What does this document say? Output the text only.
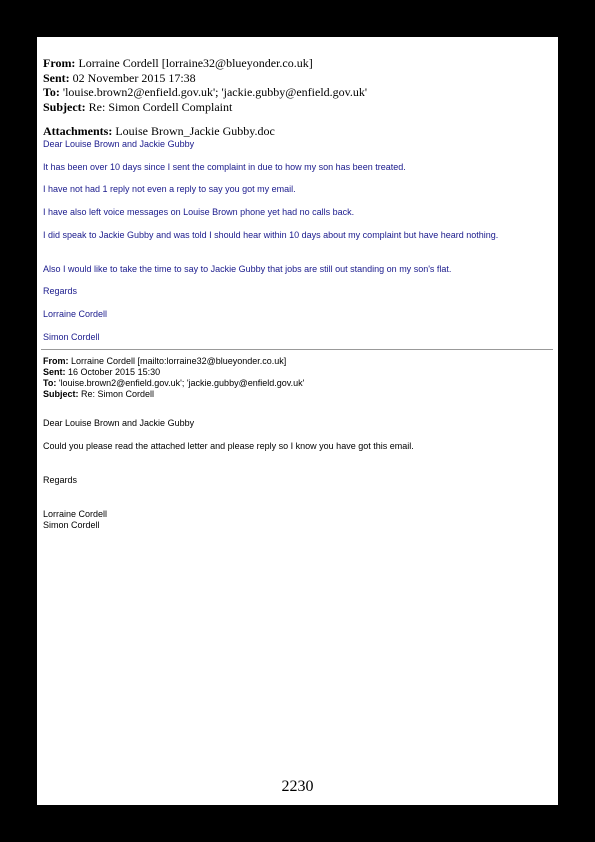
From: Lorraine Cordell [lorraine32@blueyonder.co.uk]
Sent: 02 November 2015 17:38
To: 'louise.brown2@enfield.gov.uk'; 'jackie.gubby@enfield.gov.uk'
Subject: Re: Simon Cordell Complaint
Attachments: Louise Brown_Jackie Gubby.doc
Dear Louise Brown and Jackie Gubby
It has been over 10 days since I sent the complaint in due to how my son has been treated.
I have not had 1 reply not even a reply to say you got my email.
I have also left voice messages on Louise Brown phone yet had no calls back.
I did speak to Jackie Gubby and was told I should hear within 10 days about my complaint but have heard nothing.
Also I would like to take the time to say to Jackie Gubby that jobs are still out standing on my son's flat.
Regards
Lorraine Cordell
Simon Cordell
From: Lorraine Cordell [mailto:lorraine32@blueyonder.co.uk]
Sent: 16 October 2015 15:30
To: 'louise.brown2@enfield.gov.uk'; 'jackie.gubby@enfield.gov.uk'
Subject: Re: Simon Cordell
Dear Louise Brown and Jackie Gubby
Could you please read the attached letter and please reply so I know you have got this email.
Regards
Lorraine Cordell
Simon Cordell
2230
